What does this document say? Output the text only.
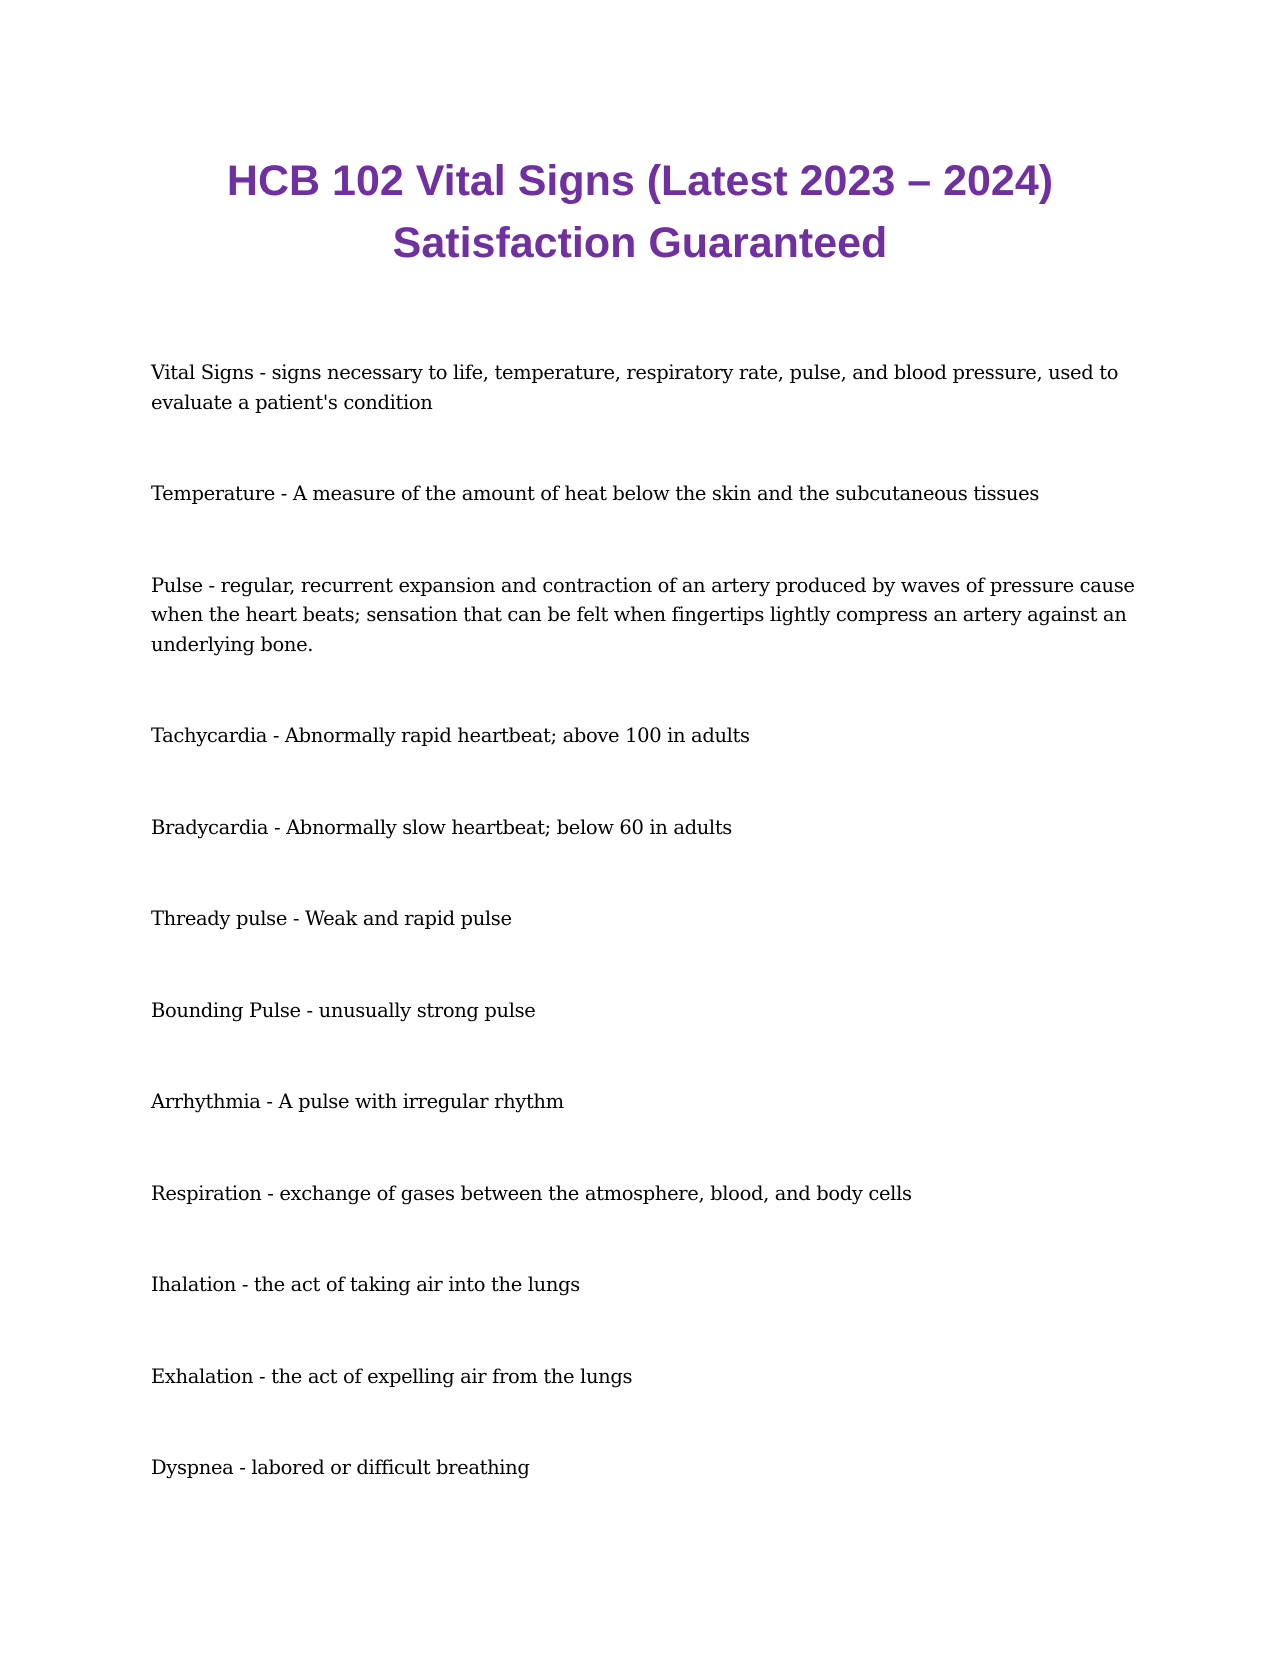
HCB 102 Vital Signs (Latest 2023 – 2024)
Satisfaction Guaranteed

Vital Signs - signs necessary to life, temperature, respiratory rate, pulse, and blood pressure, used to evaluate a patient's condition

Temperature - A measure of the amount of heat below the skin and the subcutaneous tissues

Pulse - regular, recurrent expansion and contraction of an artery produced by waves of pressure cause when the heart beats; sensation that can be felt when fingertips lightly compress an artery against an underlying bone.

Tachycardia - Abnormally rapid heartbeat; above 100 in adults

Bradycardia - Abnormally slow heartbeat; below 60 in adults

Thready pulse - Weak and rapid pulse

Bounding Pulse - unusually strong pulse

Arrhythmia - A pulse with irregular rhythm

Respiration - exchange of gases between the atmosphere, blood, and body cells

Ihalation - the act of taking air into the lungs

Exhalation - the act of expelling air from the lungs

Dyspnea - labored or difficult breathing
